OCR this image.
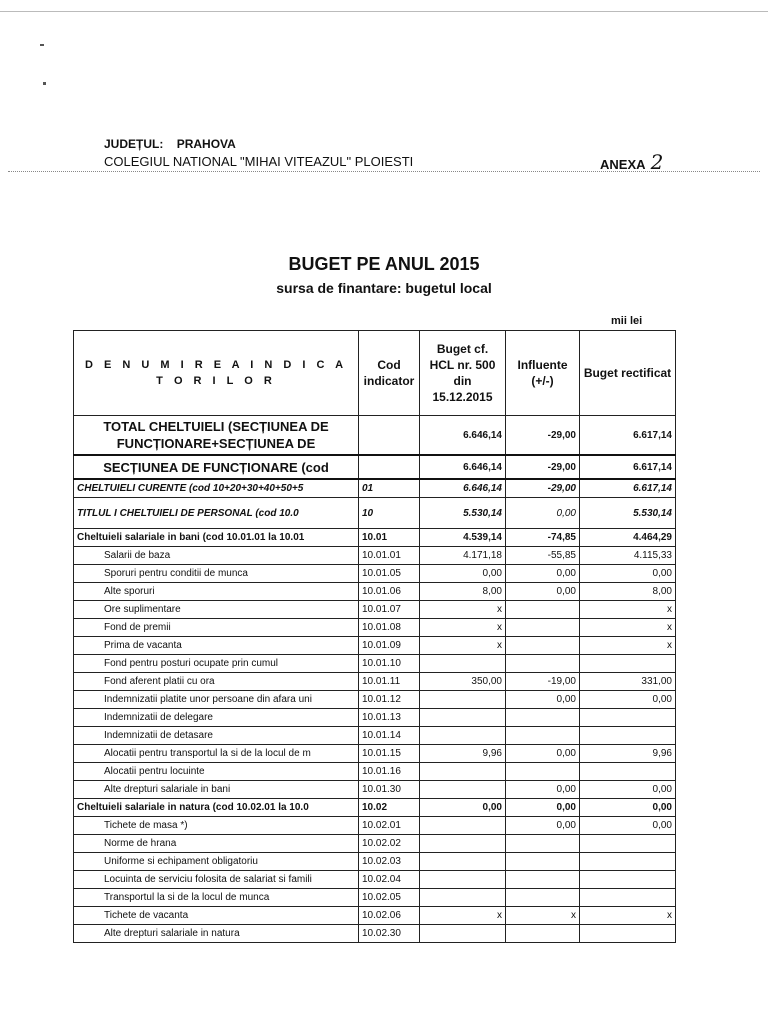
JUDEȚUL: PRAHOVA
COLEGIUL NATIONAL "MIHAI VITEAZUL" PLOIESTI	ANEXA 2
BUGET PE ANUL 2015
sursa de finantare: bugetul local
mii lei
D E N U M I R E A I N D I C A T O R I L O R	Cod indicator	Buget cf. HCL nr. 500 din 15.12.2015	Influente (+/-)	Buget rectificat
TOTAL CHELTUIELI (SECȚIUNEA DE FUNCȚIONARE+SECȚIUNEA DE		6.646,14	-29,00	6.617,14
SECȚIUNEA DE FUNCȚIONARE (cod		6.646,14	-29,00	6.617,14
CHELTUIELI CURENTE (cod 10+20+30+40+50+5	01	6.646,14	-29,00	6.617,14
TITLUL I CHELTUIELI DE PERSONAL (cod 10.0	10	5.530,14	0,00	5.530,14
Cheltuieli salariale in bani (cod 10.01.01 la 10.01	10.01	4.539,14	-74,85	4.464,29
Salarii de baza	10.01.01	4.171,18	-55,85	4.115,33
Sporuri pentru conditii de munca	10.01.05	0,00	0,00	0,00
Alte sporuri	10.01.06	8,00	0,00	8,00
Ore suplimentare	10.01.07	x		x
Fond de premii	10.01.08	x		x
Prima de vacanta	10.01.09	x		x
Fond pentru posturi ocupate prin cumul	10.01.10			
Fond aferent platii cu ora	10.01.11	350,00	-19,00	331,00
Indemnizatii platite unor persoane din afara uni	10.01.12		0,00	0,00
Indemnizatii de delegare	10.01.13			
Indemnizatii de detasare	10.01.14			
Alocatii pentru transportul la si de la locul de m	10.01.15	9,96	0,00	9,96
Alocatii pentru locuinte	10.01.16			
Alte drepturi salariale in bani	10.01.30		0,00	0,00
Cheltuieli salariale in natura (cod 10.02.01 la 10.0	10.02	0,00	0,00	0,00
Tichete de masa *)	10.02.01		0,00	0,00
Norme de hrana	10.02.02			
Uniforme si echipament obligatoriu	10.02.03			
Locuinta de serviciu folosita de salariat si famili	10.02.04			
Transportul la si de la locul de munca	10.02.05			
Tichete de vacanta	10.02.06	x	x	x
Alte drepturi salariale in natura	10.02.30			
